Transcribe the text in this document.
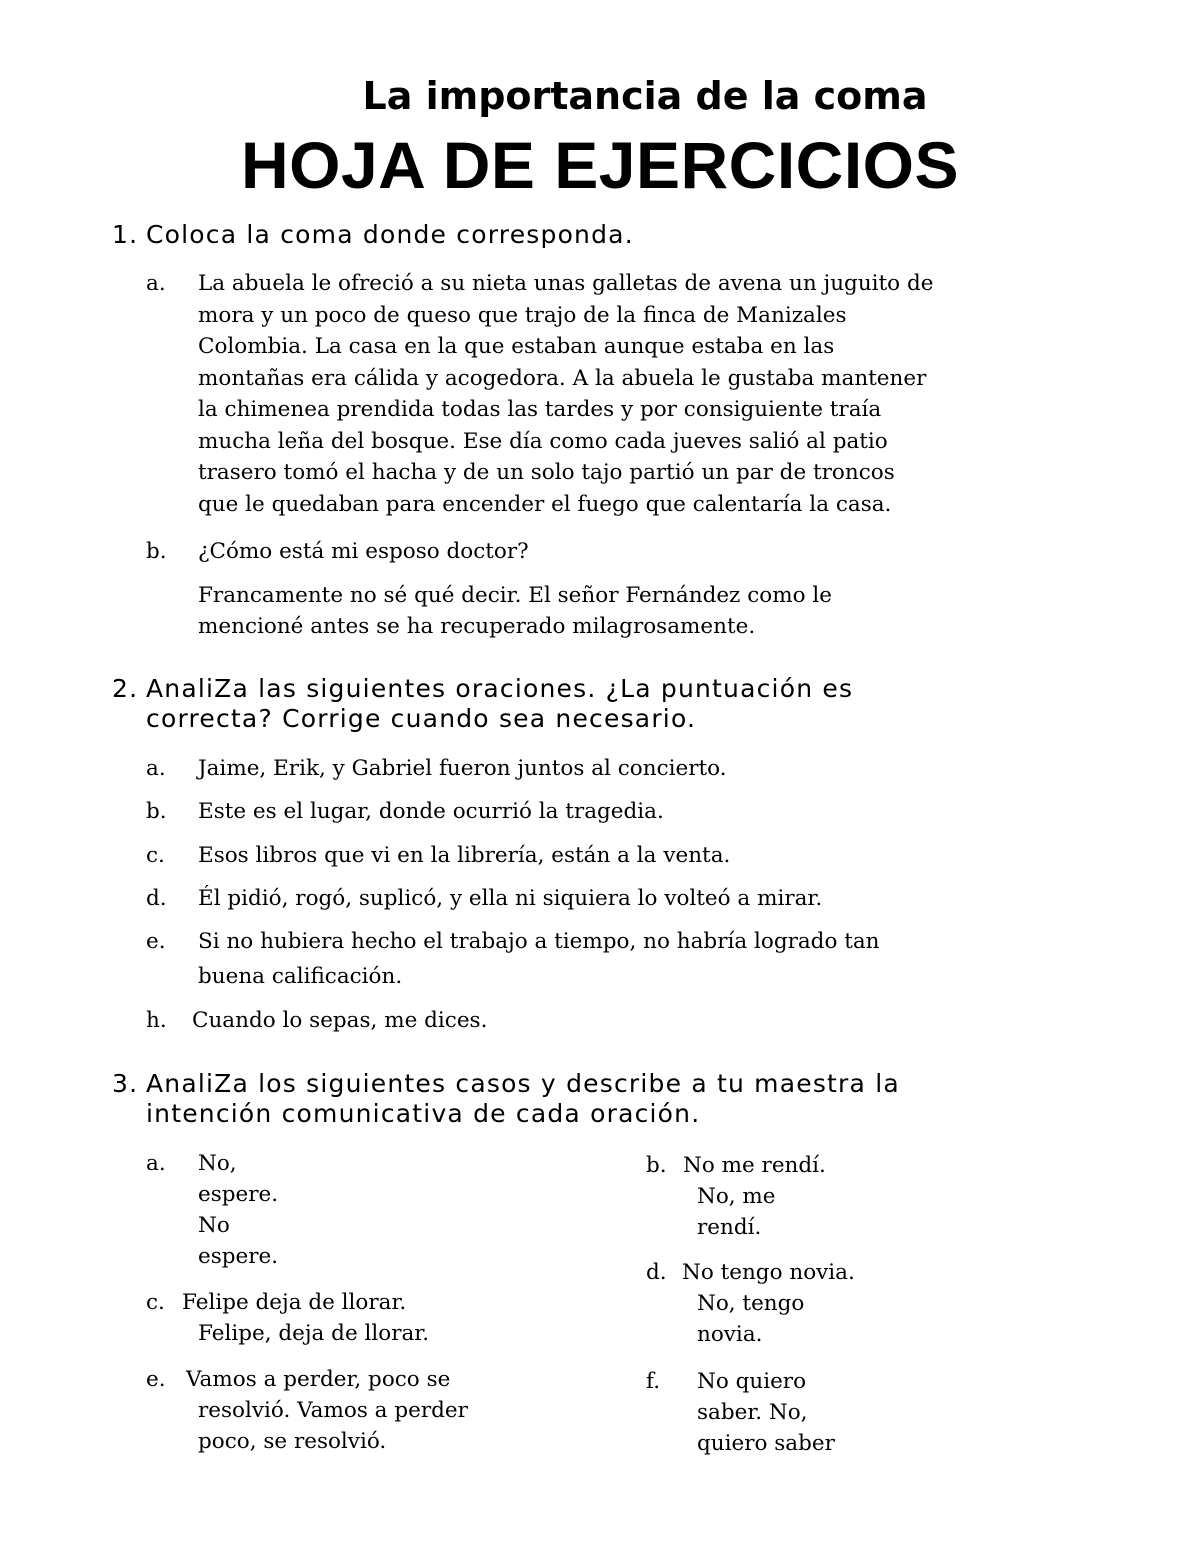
La importancia de la coma
HOJA DE EJERCICIOS
1. Coloca la coma donde corresponda.
a. La abuela le ofreció a su nieta unas galletas de avena un juguito de
mora y un poco de queso que trajo de la finca de Manizales
Colombia. La casa en la que estaban aunque estaba en las
montañas era cálida y acogedora. A la abuela le gustaba mantener
la chimenea prendida todas las tardes y por consiguiente traía
mucha leña del bosque. Ese día como cada jueves salió al patio
trasero tomó el hacha y de un solo tajo partió un par de troncos
que le quedaban para encender el fuego que calentaría la casa.
b. ¿Cómo está mi esposo doctor?
Francamente no sé qué decir. El señor Fernández como le
mencioné antes se ha recuperado milagrosamente.
2. AnaliZa las siguientes oraciones. ¿La puntuación es
correcta? Corrige cuando sea necesario.
a. Jaime, Erik, y Gabriel fueron juntos al concierto.
b. Este es el lugar, donde ocurrió la tragedia.
c. Esos libros que vi en la librería, están a la venta.
d. Él pidió, rogó, suplicó, y ella ni siquiera lo volteó a mirar.
e. Si no hubiera hecho el trabajo a tiempo, no habría logrado tan
buena calificación.
h. Cuando lo sepas, me dices.
3. AnaliZa los siguientes casos y describe a tu maestra la
intención comunicativa de cada oración.
a. No,
espere.
No
espere.
b. No me rendí.
No, me
rendí.
c. Felipe deja de llorar.
Felipe, deja de llorar.
d. No tengo novia.
No, tengo
novia.
e. Vamos a perder, poco se
resolvió. Vamos a perder
poco, se resolvió.
f. No quiero
saber. No,
quiero saber
